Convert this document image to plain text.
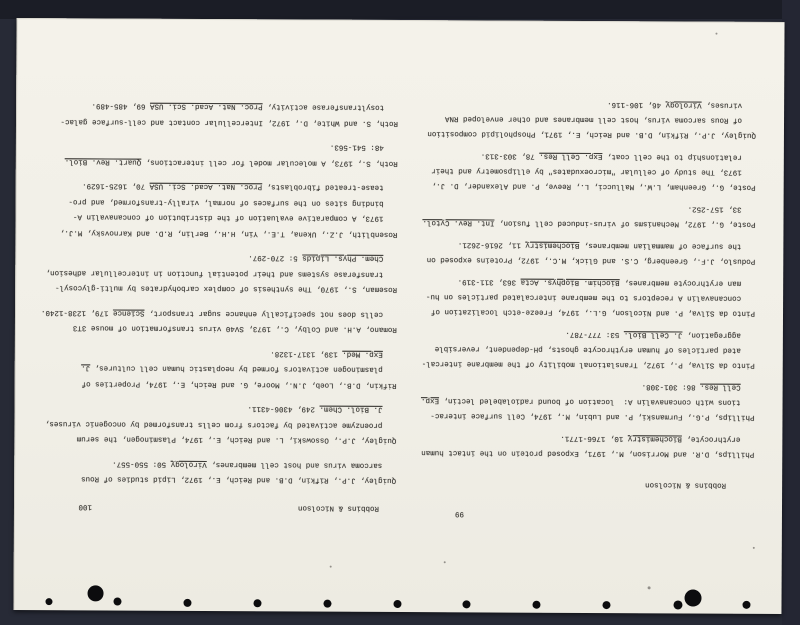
99
Robbins & Nicolson
Phillips, D.R. and Morrison, M., 1971, Exposed protein on the intact human
erythrocyte, Biochemistry 10, 1766-1771.
Phillips, P.G., Furmanski, P. and Lubin, M., 1974, Cell surface interac-
tions with concanavalin A:  location of bound radiolabeled lectin, Exp.
Cell Res. 86: 301-308.
Pinto da Silva, P., 1972, Translational mobility of the membrane intercal-
ated particles of human erythrocyte ghosts, pH-dependent, reversible
aggregation, J. Cell Biol. 53: 777-787.
Pinto da Silva, P. and Nicolson, G.L., 1974, Freeze-etch localization of
concanavalin A receptors to the membrane intercalated particles on hu-
man erythrocyte membranes, Biochim. Biophys. Acta 363, 311-319.
Poduslo, J.F., Greenberg, C.S. and Glick, M.C., 1972, Proteins exposed on
the surface of mammalian membranes, Biochemistry 11, 2616-2621.
Poste, G., 1972, Mechanisms of virus-induced cell fusion, Int. Rev. Cytol.
33, 157-252.
Poste, G., Greenham, L.W., Mallucci, L., Reeve, P. and Alexander, D. J.,
1973, The study of cellular "microexudates" by ellipsometry and their
relationship to the cell coat, Exp. Cell Res. 78, 303-313.
Quigley, J.P., Rifkin, D.B. and Reich, E., 1971, Phospholipid composition
of Rous sarcoma virus, host cell membranes and other enveloped RNA
viruses, Virology 46, 106-116.
Robbins & Nicolson
100
Quigley, J.P., Rifkin, D.B. and Reich, E., 1972, Lipid studies of Rous
sarcoma virus and host cell membranes, Virology 50: 550-557.
Quigley, J.P., Ossowski, L. and Reich, E., 1974, Plasminogen, the serum
proenzyme activated by factors from cells transformed by oncogenic viruses,
J. Biol. Chem. 249, 4306-4311.
Rifkin, D.B., Loeb, J.N., Moore, G. and Reich, E., 1974, Properties of
plasminogen activators formed by neoplastic human cell cultures, J.
Exp. Med. 139, 1317-1328.
Romano, A.H. and Colby, C., 1973, SV40 virus transformation of mouse 3T3
cells does not specifically enhance sugar transport, Science 179, 1238-1240.
Roseman, S., 1970, The synthesis of complex carbohydrates by multi-glycosyl-
transferase systems and their potential function in intercellular adhesion,
Chem. Phys. Lipids 5: 270-297.
Rosenblith, J.Z., Ukena, T.E., Yin, H.H., Berlin, R.D. and Karnovsky, M.J.,
1973, A comparative evaluation of the distribution of concanavalin A-
binding sites on the surfaces of normal, virally-transformed, and pro-
tease-treated fibroblasts, Proc. Nat. Acad. Sci. USA 70, 1625-1629.
Roth, S., 1973, A molecular model for cell interactions, Quart. Rev. Biol.
48: 541-563.
Roth, S. and White, D., 1972, Intercellular contact and cell-surface galac-
tosyltransferase activity, Proc. Nat. Acad. Sci. USA 69, 485-489.
